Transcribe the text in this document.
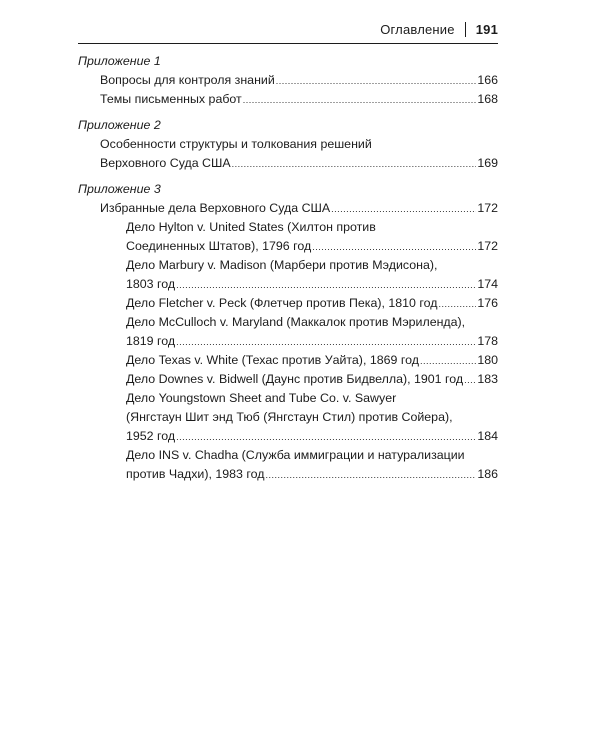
Оглавление 191
Приложение 1
Вопросы для контроля знаний .....	166
Темы письменных работ .....	168
Приложение 2
Особенности структуры и толкования решений
Верховного Суда США .....	169
Приложение 3
Избранные дела Верховного Суда США .....	172
Дело Hylton v. United States (Хилтон против
Соединенных Штатов), 1796 год .....	172
Дело Marbury v. Madison (Марбери против Мэдисона),
1803 год .....	174
Дело Fletcher v. Peck (Флетчер против Пека), 1810 год .....	176
Дело McCulloch v. Maryland (Маккалок против Мэриленда),
1819 год .....	178
Дело Texas v. White (Техас против Уайта), 1869 год .....	180
Дело Downes v. Bidwell (Даунс против Бидвелла), 1901 год ..... 183
Дело Youngstown Sheet and Tube Co. v. Sawyer
(Янгстаун Шит энд Тюб (Янгстаун Стил) против Сойера),
1952 год .....	184
Дело INS v. Chadha (Служба иммиграции и натурализации
против Чадхи), 1983 год .....	186
